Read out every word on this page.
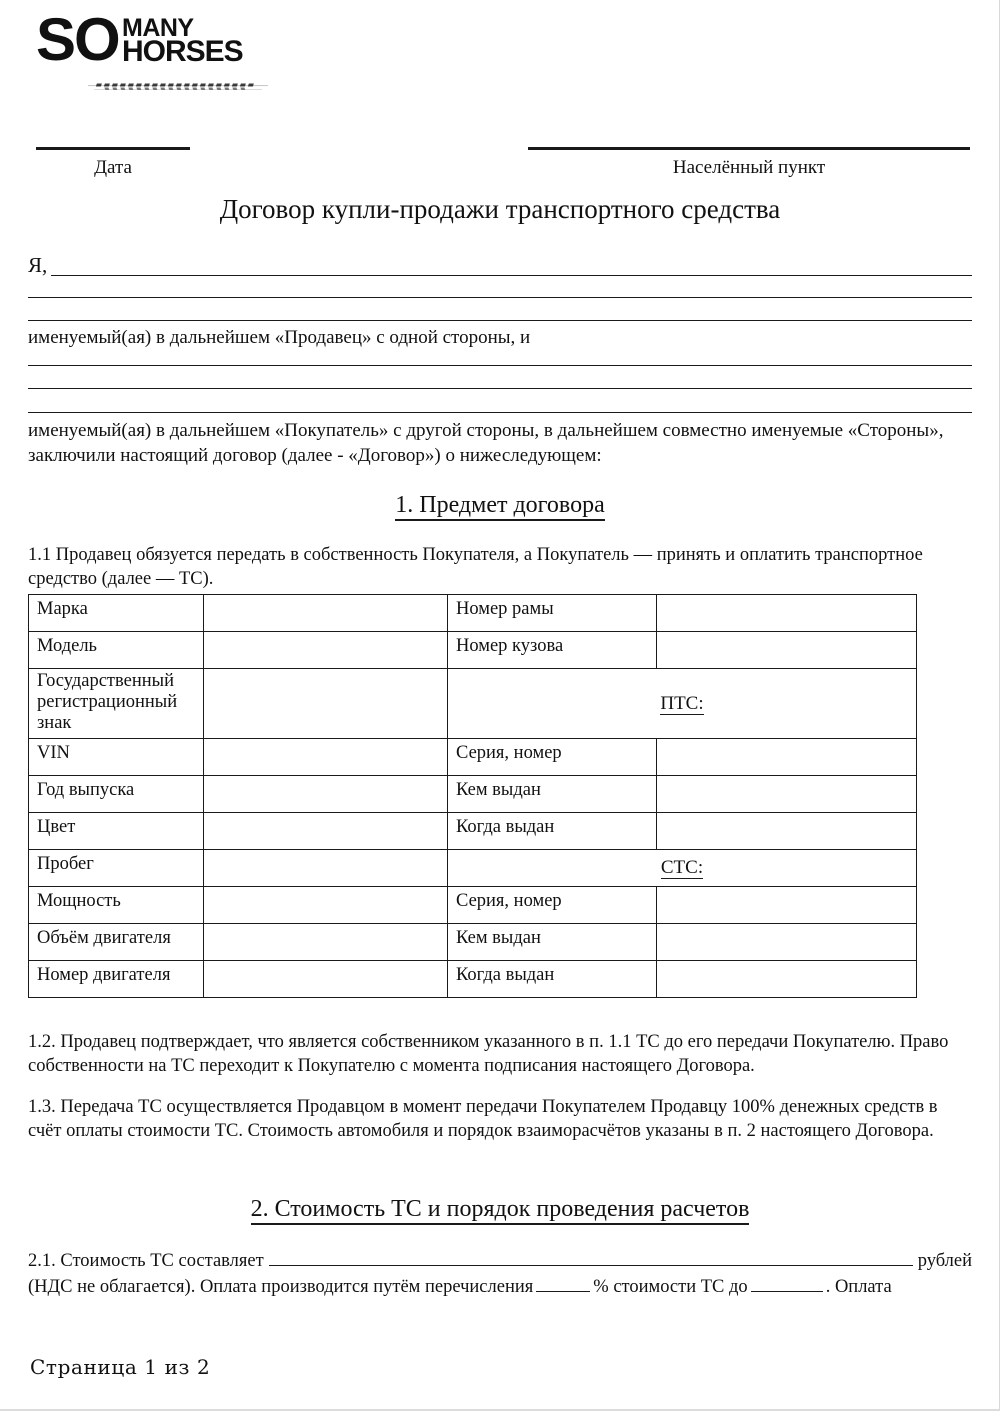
SO MANY
HORSES
Дата	Населённый пункт
Договор купли-продажи транспортного средства
Я,
именуемый(ая) в дальнейшем «Продавец» с одной стороны, и
именуемый(ая) в дальнейшем «Покупатель» с другой стороны, в дальнейшем совместно именуемые «Стороны», заключили настоящий договор (далее - «Договор») о нижеследующем:
1. Предмет договора
1.1 Продавец обязуется передать в собственность Покупателя, а Покупатель — принять и оплатить транспортное средство (далее — ТС).
Марка		Номер рамы	
Модель		Номер кузова	
Государственный регистрационный знак		ПТС:	
VIN		Серия, номер	
Год выпуска		Кем выдан	
Цвет		Когда выдан	
Пробег		СТС:	
Мощность		Серия, номер	
Объём двигателя		Кем выдан	
Номер двигателя		Когда выдан	
1.2. Продавец подтверждает, что является собственником указанного в п. 1.1 ТС до его передачи Покупателю. Право собственности на ТС переходит к Покупателю с момента подписания настоящего Договора.
1.3. Передача ТС осуществляется Продавцом в момент передачи Покупателем Продавцу 100% денежных средств в счёт оплаты стоимости ТС. Стоимость автомобиля и порядок взаиморасчётов указаны в п. 2 настоящего Договора.
2. Стоимость ТС и порядок проведения расчетов
2.1. Стоимость ТС составляет	рублей
(НДС не облагается). Оплата производится путём перечисления	% стоимости ТС до	. Оплата
Страница 1 из 2
